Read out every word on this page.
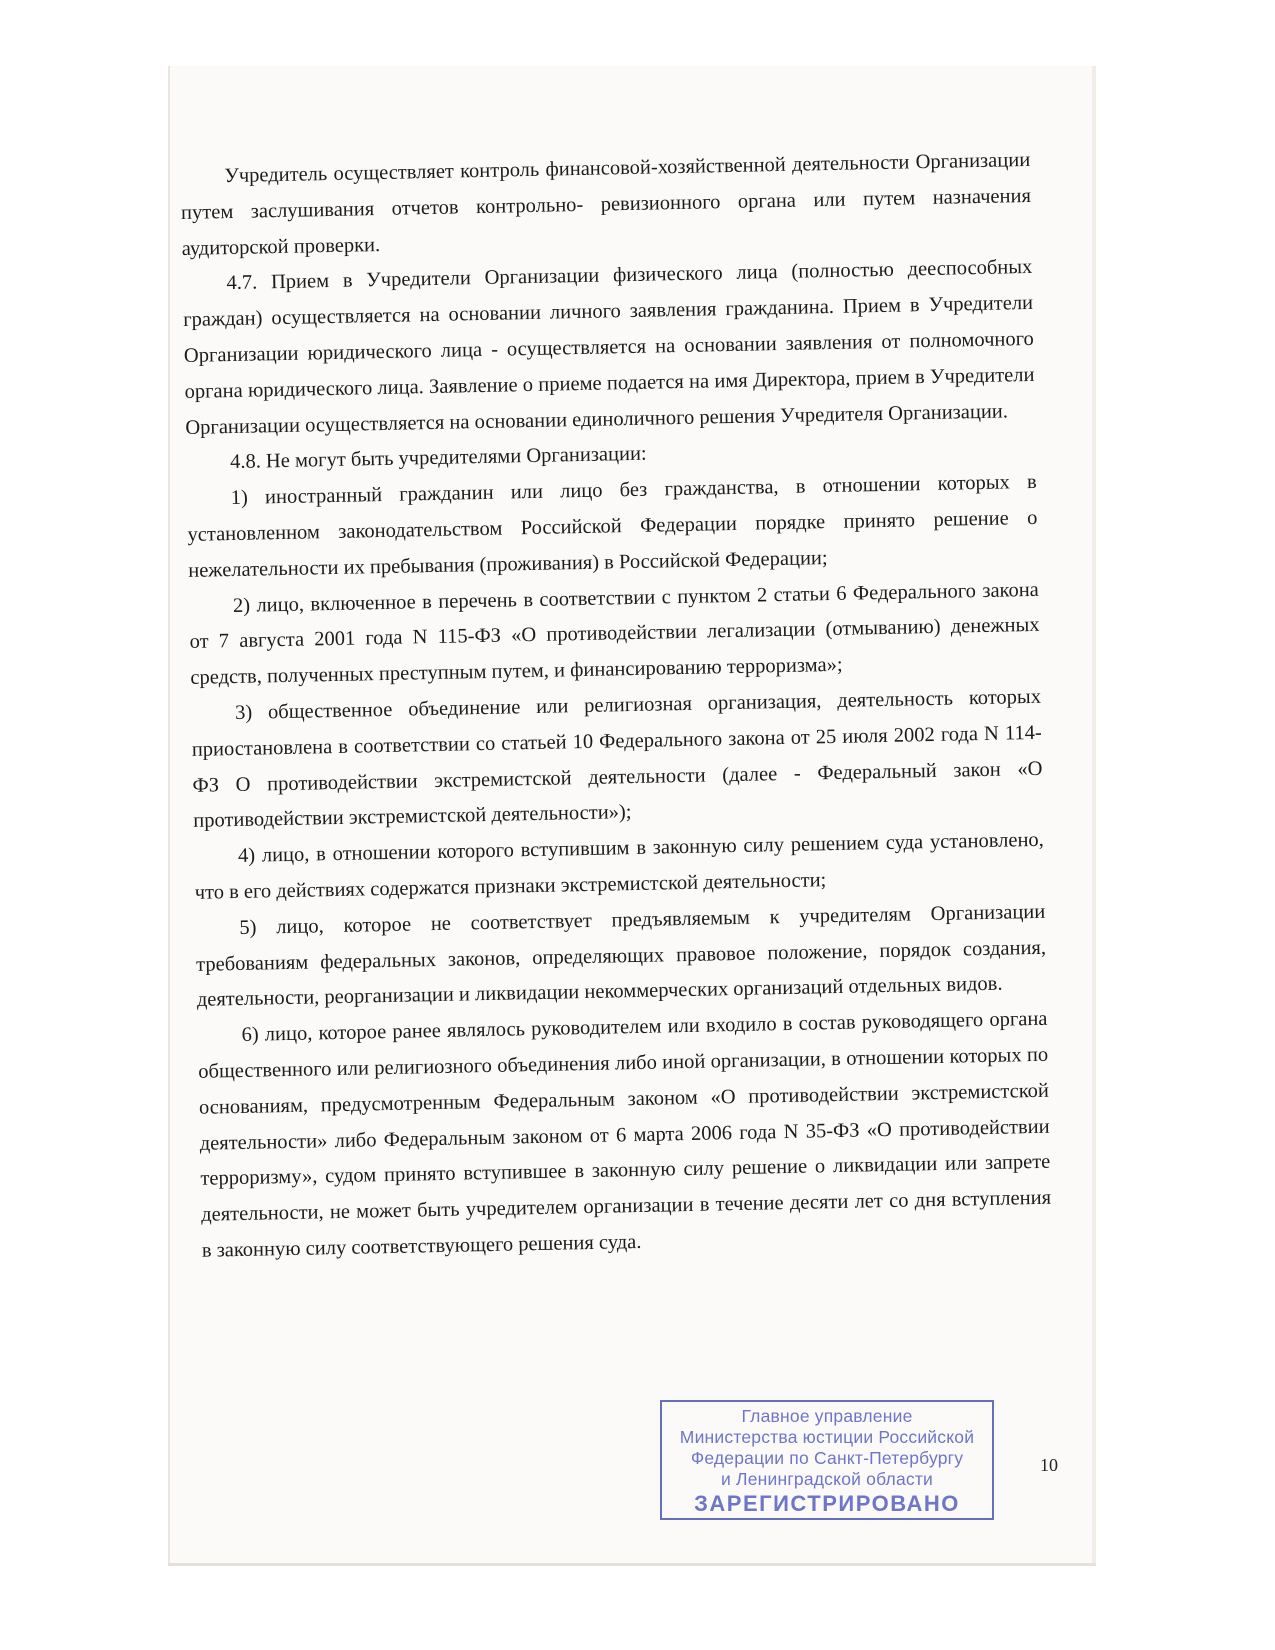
Учредитель осуществляет контроль финансовой-хозяйственной деятельности Организации путем заслушивания отчетов контрольно- ревизионного органа или путем назначения аудиторской проверки.

4.7. Прием в Учредители Организации физического лица (полностью дееспособных граждан) осуществляется на основании личного заявления гражданина. Прием в Учредители Организации юридического лица - осуществляется на основании заявления от полномочного органа юридического лица. Заявление о приеме подается на имя Директора, прием в Учредители Организации осуществляется на основании единоличного решения Учредителя Организации.

4.8. Не могут быть учредителями Организации:

1) иностранный гражданин или лицо без гражданства, в отношении которых в установленном законодательством Российской Федерации порядке принято решение о нежелательности их пребывания (проживания) в Российской Федерации;

2) лицо, включенное в перечень в соответствии с пунктом 2 статьи 6 Федерального закона от 7 августа 2001 года N 115-ФЗ «О противодействии легализации (отмыванию) денежных средств, полученных преступным путем, и финансированию терроризма»;

3) общественное объединение или религиозная организация, деятельность которых приостановлена в соответствии со статьей 10 Федерального закона от 25 июля 2002 года N 114-ФЗ О противодействии экстремистской деятельности (далее - Федеральный закон «О противодействии экстремистской деятельности»);

4) лицо, в отношении которого вступившим в законную силу решением суда установлено, что в его действиях содержатся признаки экстремистской деятельности;

5) лицо, которое не соответствует предъявляемым к учредителям Организации требованиям федеральных законов, определяющих правовое положение, порядок создания, деятельности, реорганизации и ликвидации некоммерческих организаций отдельных видов.

6) лицо, которое ранее являлось руководителем или входило в состав руководящего органа общественного или религиозного объединения либо иной организации, в отношении которых по основаниям, предусмотренным Федеральным законом «О противодействии экстремистской деятельности» либо Федеральным законом от 6 марта 2006 года N 35-ФЗ «О противодействии терроризму», судом принято вступившее в законную силу решение о ликвидации или запрете деятельности, не может быть учредителем организации в течение десяти лет со дня вступления в законную силу соответствующего решения суда.

Главное управление
Министерства юстиции Российской
Федерации по Санкт-Петербургу
и Ленинградской области
ЗАРЕГИСТРИРОВАНО
10
